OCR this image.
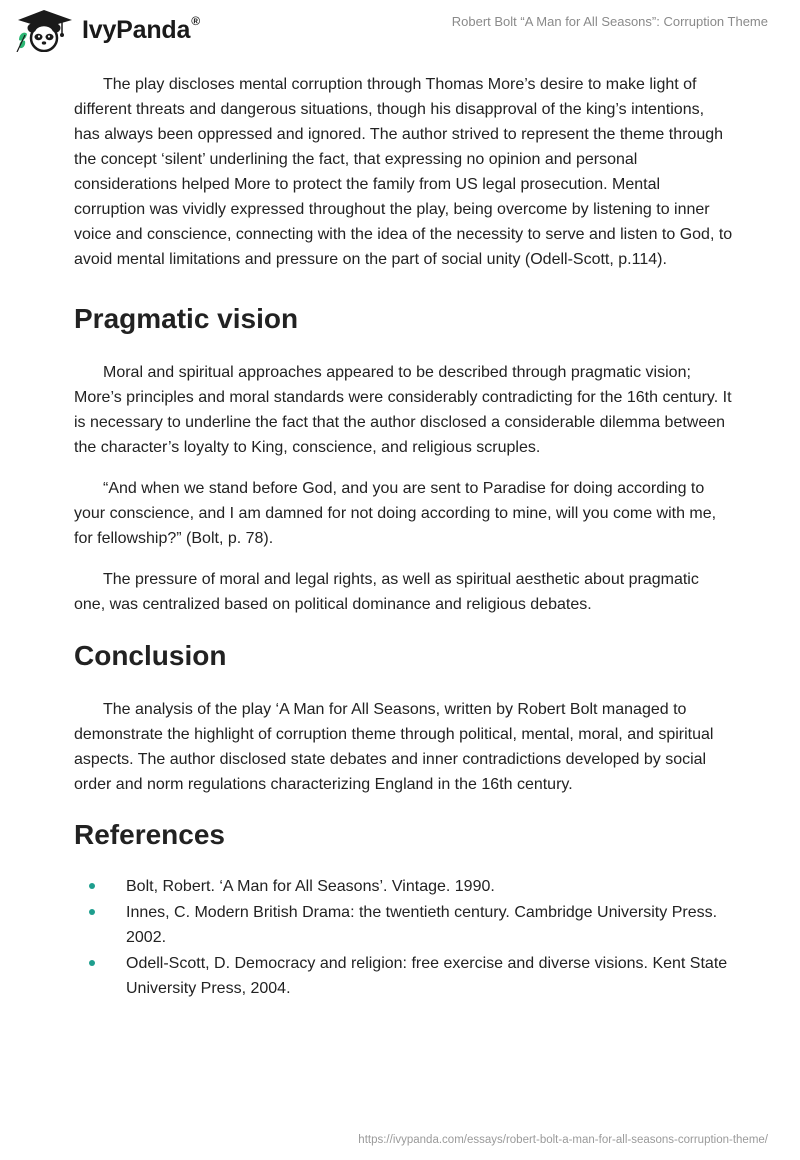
IvyPanda®	Robert Bolt “A Man for All Seasons”: Corruption Theme

The play discloses mental corruption through Thomas More’s desire to make light of different threats and dangerous situations, though his disapproval of the king’s intentions, has always been oppressed and ignored. The author strived to represent the theme through the concept ‘silent’ underlining the fact, that expressing no opinion and personal considerations helped More to protect the family from US legal prosecution. Mental corruption was vividly expressed throughout the play, being overcome by listening to inner voice and conscience, connecting with the idea of the necessity to serve and listen to God, to avoid mental limitations and pressure on the part of social unity (Odell-Scott, p.114).

Pragmatic vision

Moral and spiritual approaches appeared to be described through pragmatic vision; More’s principles and moral standards were considerably contradicting for the 16th century. It is necessary to underline the fact that the author disclosed a considerable dilemma between the character’s loyalty to King, conscience, and religious scruples.

“And when we stand before God, and you are sent to Paradise for doing according to your conscience, and I am damned for not doing according to mine, will you come with me, for fellowship?” (Bolt, p. 78).

The pressure of moral and legal rights, as well as spiritual aesthetic about pragmatic one, was centralized based on political dominance and religious debates.

Conclusion

The analysis of the play ‘A Man for All Seasons, written by Robert Bolt managed to demonstrate the highlight of corruption theme through political, mental, moral, and spiritual aspects. The author disclosed state debates and inner contradictions developed by social order and norm regulations characterizing England in the 16th century.

References
Bolt, Robert. ‘A Man for All Seasons’. Vintage. 1990.
Innes, C. Modern British Drama: the twentieth century. Cambridge University Press. 2002.
Odell-Scott, D. Democracy and religion: free exercise and diverse visions. Kent State University Press, 2004.
https://ivypanda.com/essays/robert-bolt-a-man-for-all-seasons-corruption-theme/
